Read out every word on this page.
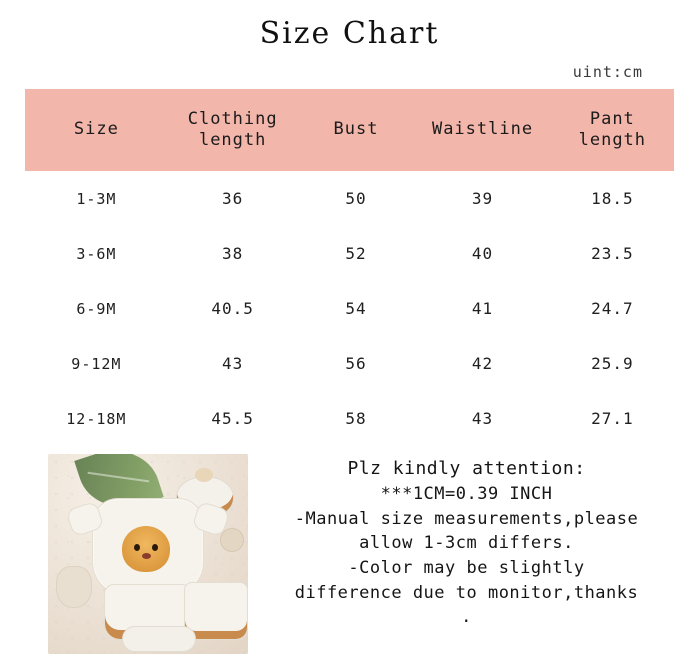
Size Chart
uint:cm
Size	Clothing length	Bust	Waistline	Pant length
1-3M	36	50	39	18.5
3-6M	38	52	40	23.5
6-9M	40.5	54	41	24.7
9-12M	43	56	42	25.9
12-18M	45.5	58	43	27.1
Plz kindly attention:
***1CM=0.39 INCH
-Manual size measurements,please
allow 1-3cm differs.
-Color may be slightly
difference due to monitor,thanks
.
